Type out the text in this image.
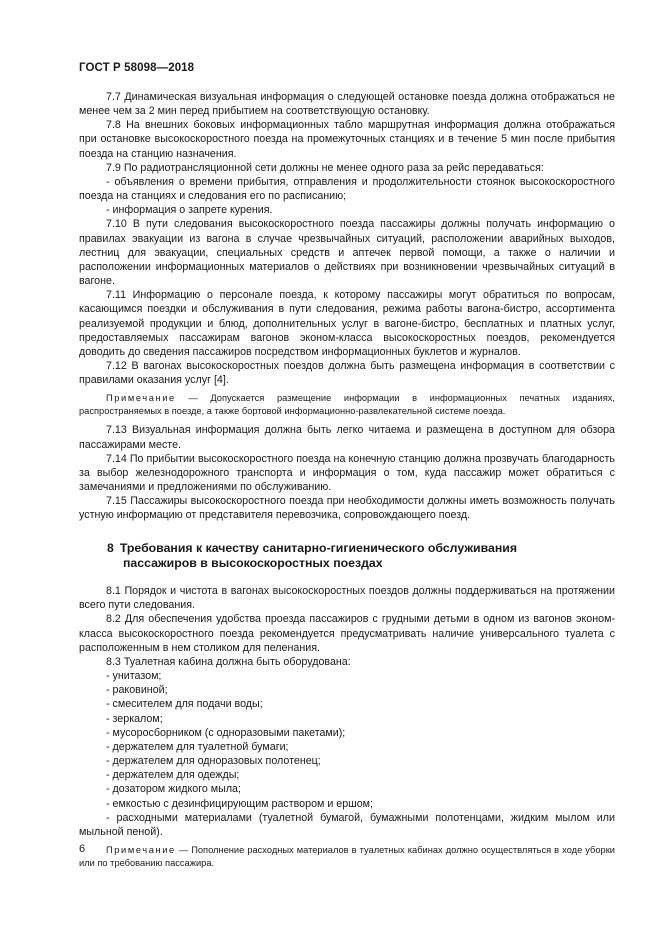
ГОСТ Р 58098—2018

7.7 Динамическая визуальная информация о следующей остановке поезда должна отображаться не менее чем за 2 мин перед прибытием на соответствующую остановку.

7.8 На внешних боковых информационных табло маршрутная информация должна отображаться при остановке высокоскоростного поезда на промежуточных станциях и в течение 5 мин после прибытия поезда на станцию назначения.

7.9 По радиотрансляционной сети должны не менее одного раза за рейс передаваться:

- объявления о времени прибытия, отправления и продолжительности стоянок высокоскоростного поезда на станциях и следования его по расписанию;

- информация о запрете курения.

7.10 В пути следования высокоскоростного поезда пассажиры должны получать информацию о правилах эвакуации из вагона в случае чрезвычайных ситуаций, расположении аварийных выходов, лестниц для эвакуации, специальных средств и аптечек первой помощи, а также о наличии и расположении информационных материалов о действиях при возникновении чрезвычайных ситуаций в вагоне.

7.11 Информацию о персонале поезда, к которому пассажиры могут обратиться по вопросам, касающимся поездки и обслуживания в пути следования, режима работы вагона-бистро, ассортимента реализуемой продукции и блюд, дополнительных услуг в вагоне-бистро, бесплатных и платных услуг, предоставляемых пассажирам вагонов эконом-класса высокоскоростных поездов, рекомендуется доводить до сведения пассажиров посредством информационных буклетов и журналов.

7.12 В вагонах высокоскоростных поездов должна быть размещена информация в соответствии с правилами оказания услуг [4].

Примечание — Допускается размещение информации в информационных печатных изданиях, распространяемых в поезде, а также бортовой информационно-развлекательной системе поезда.

7.13 Визуальная информация должна быть легко читаема и размещена в доступном для обзора пассажирами месте.

7.14 По прибытии высокоскоростного поезда на конечную станцию должна прозвучать благодарность за выбор железнодорожного транспорта и информация о том, куда пассажир может обратиться с замечаниями и предложениями по обслуживанию.

7.15 Пассажиры высокоскоростного поезда при необходимости должны иметь возможность получать устную информацию от представителя перевозчика, сопровождающего поезд.

8 Требования к качеству санитарно-гигиенического обслуживания
пассажиров в высокоскоростных поездах

8.1 Порядок и чистота в вагонах высокоскоростных поездов должны поддерживаться на протяжении всего пути следования.

8.2 Для обеспечения удобства проезда пассажиров с грудными детьми в одном из вагонов эконом-класса высокоскоростного поезда рекомендуется предусматривать наличие универсального туалета с расположенным в нем столиком для пеленания.

8.3 Туалетная кабина должна быть оборудована:

- унитазом;

- раковиной;

- смесителем для подачи воды;

- зеркалом;

- мусоросборником (с одноразовыми пакетами);

- держателем для туалетной бумаги;

- держателем для одноразовых полотенец;

- держателем для одежды;

- дозатором жидкого мыла;

- емкостью с дезинфицирующим раствором и ершом;

- расходными материалами (туалетной бумагой, бумажными полотенцами, жидким мылом или мыльной пеной).

Примечание — Пополнение расходных материалов в туалетных кабинах должно осуществляться в ходе уборки или по требованию пассажира.

6
